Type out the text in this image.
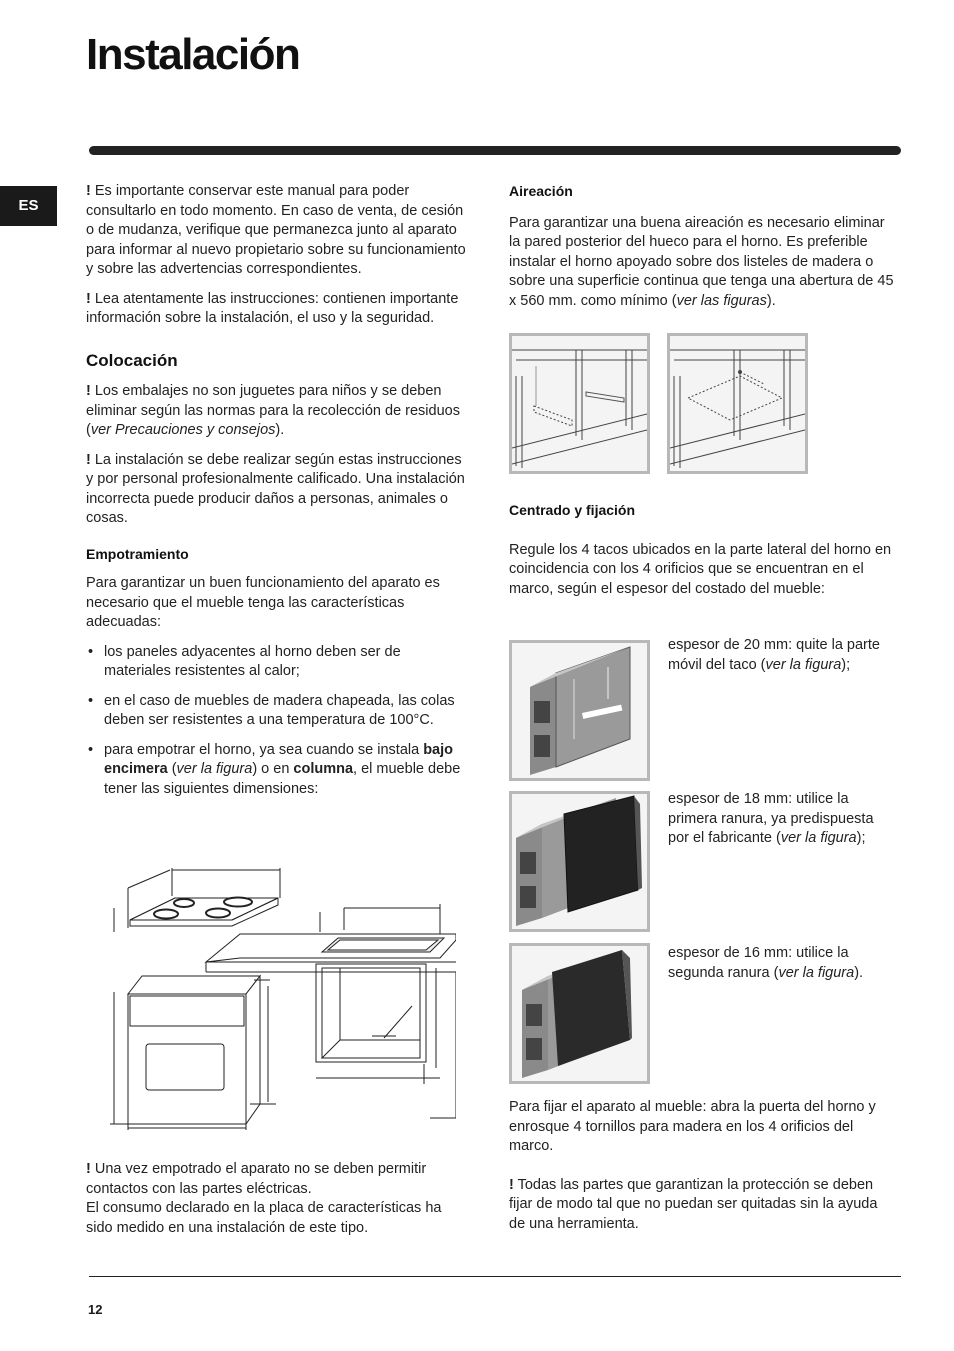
Instalación
ES

! Es importante conservar este manual para poder consultarlo en todo momento. En caso de venta, de cesión o de mudanza, verifique que permanezca junto al aparato para informar al nuevo propietario sobre su funcionamiento y sobre las advertencias correspondientes.

! Lea atentamente las instrucciones: contienen importante información sobre la instalación, el uso y la seguridad.

Colocación

! Los embalajes no son juguetes para niños y se deben eliminar según las normas para la recolección de residuos (ver Precauciones y consejos).

! La instalación se debe realizar según estas instrucciones y por personal profesionalmente calificado. Una instalación incorrecta puede producir daños a personas, animales o cosas.

Empotramiento

Para garantizar un buen funcionamiento del aparato es necesario que el mueble tenga las características adecuadas:

• los paneles adyacentes al horno deben ser de materiales resistentes al calor;
• en el caso de muebles de madera chapeada, las colas deben ser resistentes a una temperatura de 100°C.
• para empotrar el horno, ya sea cuando se instala bajo encimera (ver la figura) o en columna, el mueble debe tener las siguientes dimensiones:

! Una vez empotrado el aparato no se deben permitir contactos con las partes eléctricas.

El consumo declarado en la placa de características ha sido medido en una instalación de este tipo.

Aireación

Para garantizar una buena aireación es necesario eliminar la pared posterior del hueco para el horno. Es preferible instalar el horno apoyado sobre dos listeles de madera o sobre una superficie continua que tenga una abertura de 45 x 560 mm. como mínimo (ver las figuras).

Centrado y fijación

Regule los 4 tacos ubicados en la parte lateral del horno en coincidencia con los 4 orificios que se encuentran en el marco, según el espesor del costado del mueble:

espesor de 20 mm: quite la parte móvil del taco (ver la figura);
espesor de 18 mm: utilice la primera ranura, ya predispuesta por el fabricante (ver la figura);
espesor de 16 mm: utilice la segunda ranura (ver la figura).

Para fijar el aparato al mueble: abra la puerta del horno y enrosque 4 tornillos para madera en los 4 orificios del marco.

! Todas las partes que garantizan la protección se deben fijar de modo tal que no puedan ser quitadas sin la ayuda de una herramienta.

12
